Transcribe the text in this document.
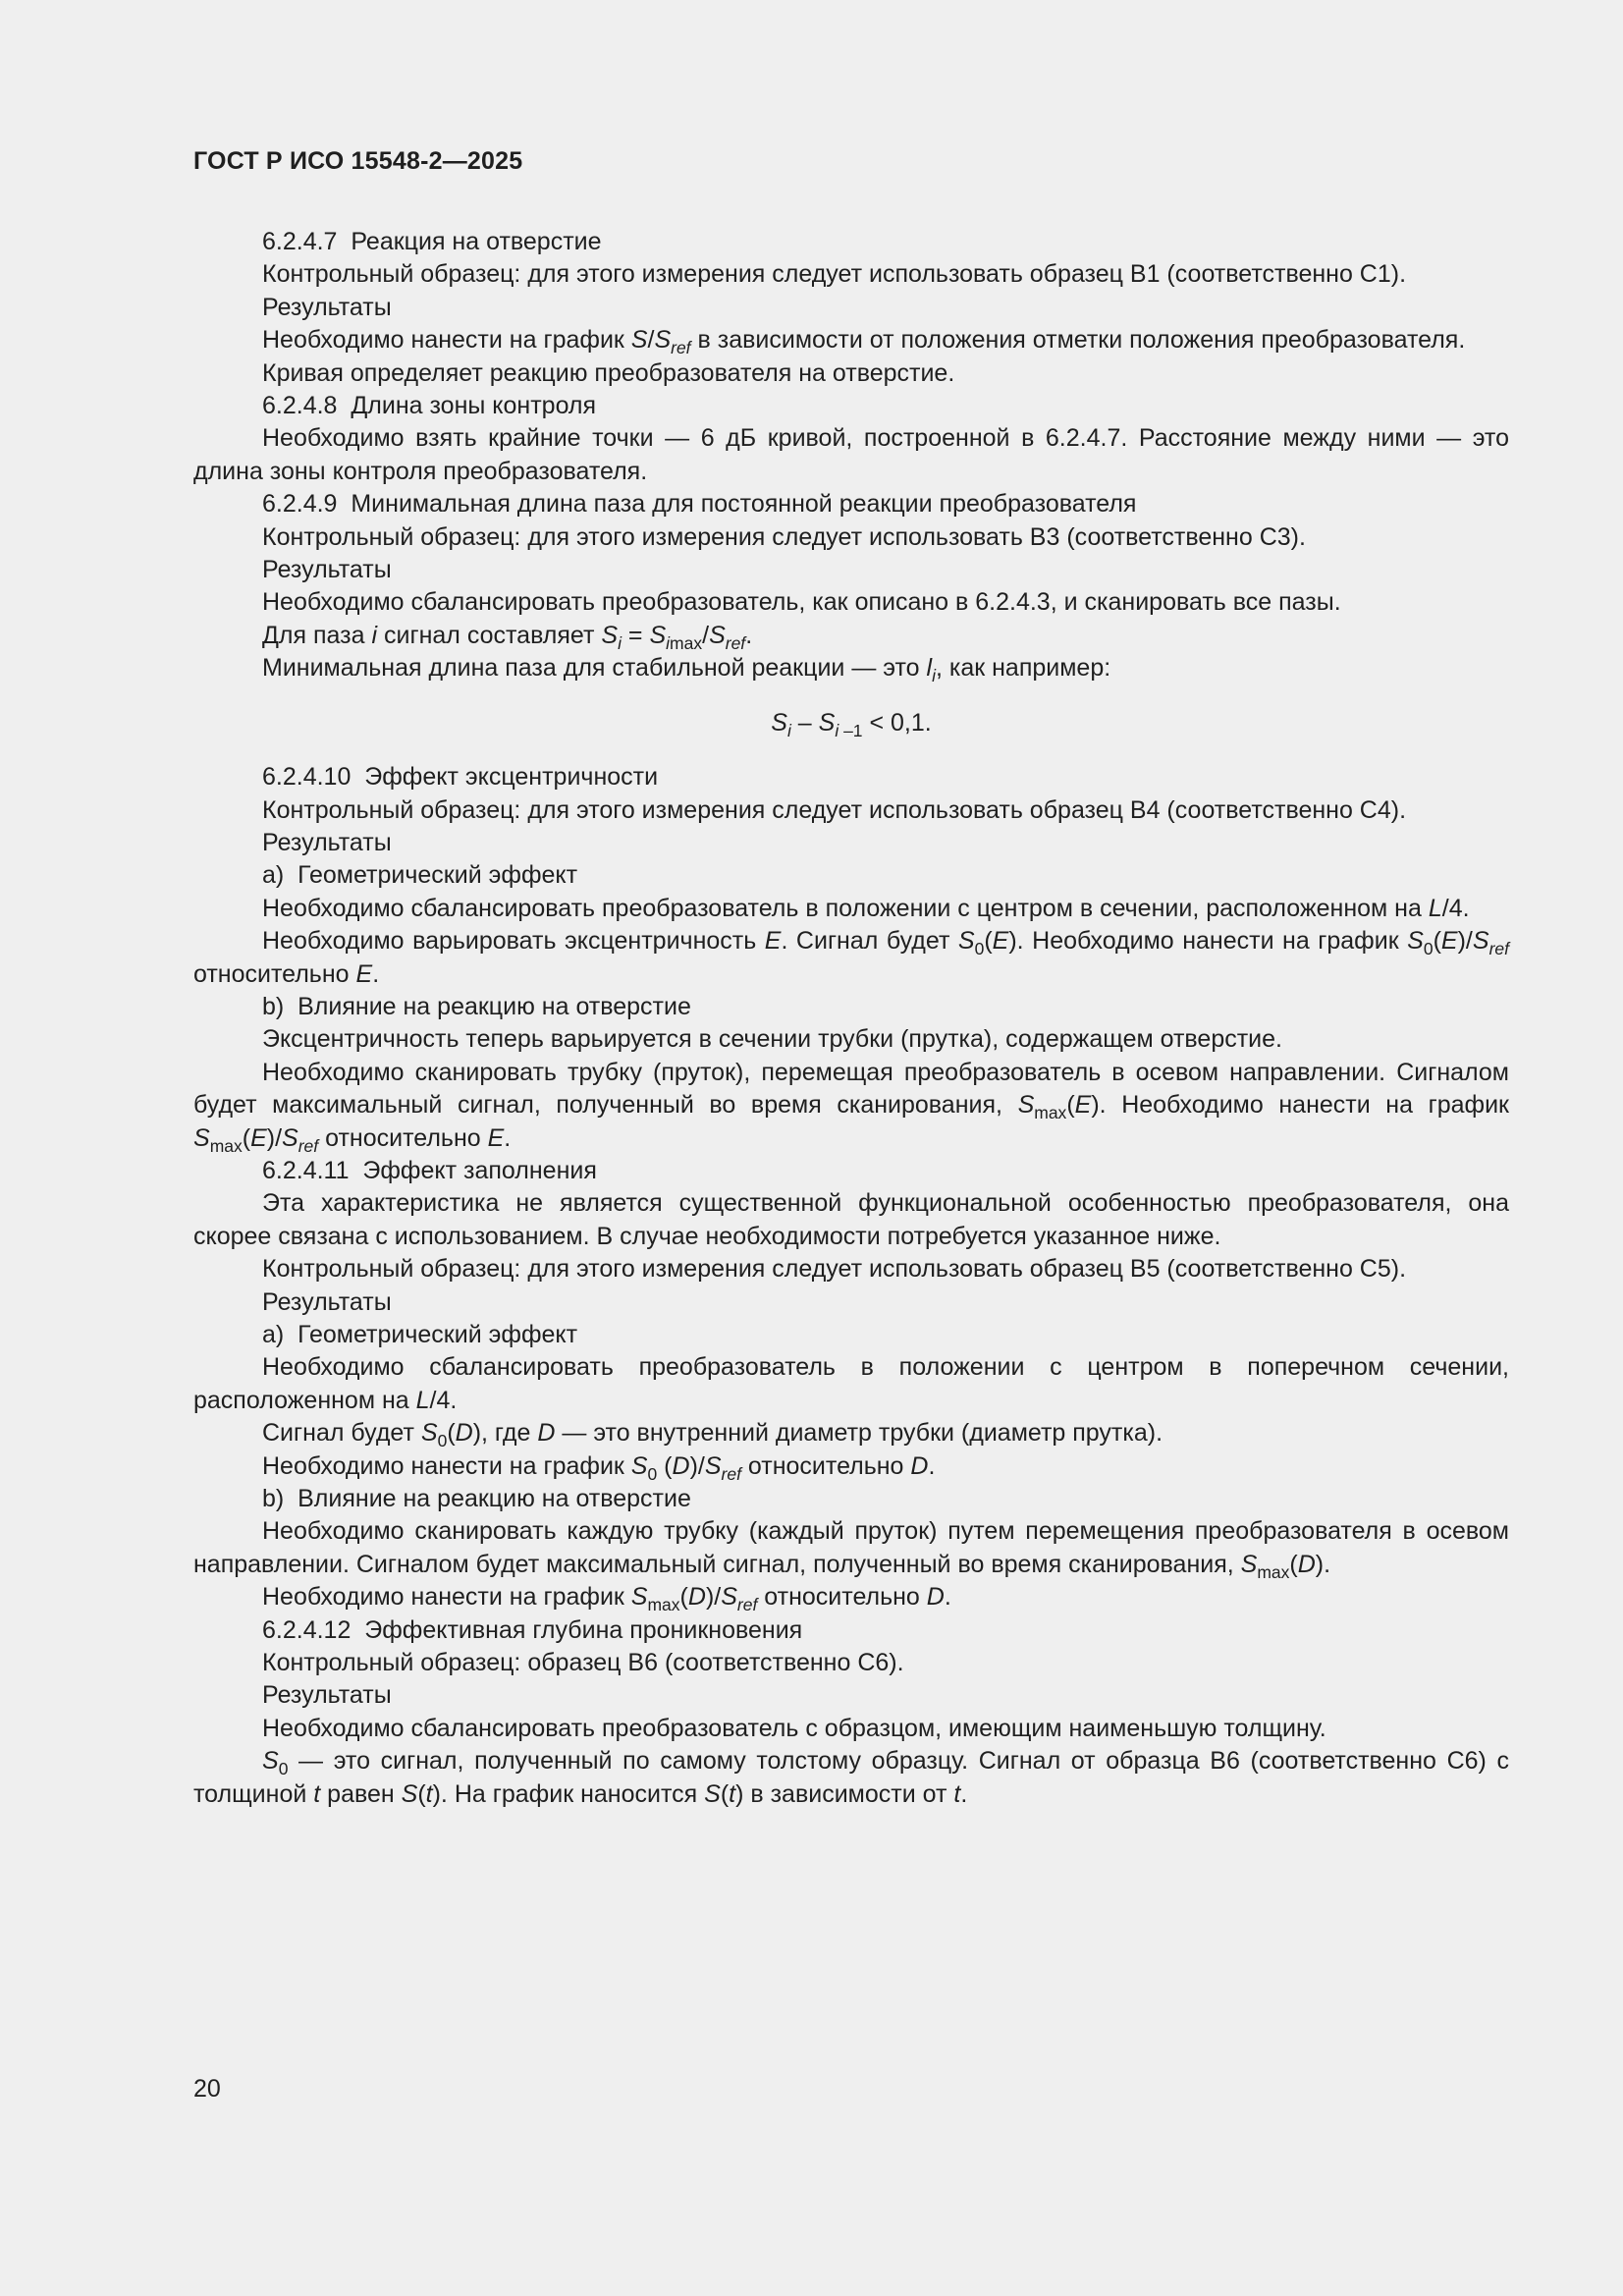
ГОСТ Р ИСО 15548-2—2025

6.2.4.7  Реакция на отверстие

Контрольный образец: для этого измерения следует использовать образец В1 (соответственно С1).

Результаты

Необходимо нанести на график $S/S_{ref}$ в зависимости от положения отметки положения преобразователя.

Кривая определяет реакцию преобразователя на отверстие.

6.2.4.8  Длина зоны контроля

Необходимо взять крайние точки — 6 дБ кривой, построенной в 6.2.4.7. Расстояние между ними — это длина зоны контроля преобразователя.

6.2.4.9  Минимальная длина паза для постоянной реакции преобразователя

Контрольный образец: для этого измерения следует использовать В3 (соответственно С3).

Результаты

Необходимо сбалансировать преобразователь, как описано в 6.2.4.3, и сканировать все пазы.

Для паза i сигнал составляет $S_i = S_{imax}/S_{ref}$.

Минимальная длина паза для стабильной реакции — это $l_i$, как например:

$S_i - S_{i -1} < 0,1$.

6.2.4.10  Эффект эксцентричности

Контрольный образец: для этого измерения следует использовать образец В4 (соответственно С4).

Результаты

a)  Геометрический эффект

Необходимо сбалансировать преобразователь в положении с центром в сечении, расположенном на L/4.

Необходимо варьировать эксцентричность E. Сигнал будет $S_0(E)$. Необходимо нанести на график $S_0(E)/S_{ref}$ относительно E.

b)  Влияние на реакцию на отверстие

Эксцентричность теперь варьируется в сечении трубки (прутка), содержащем отверстие.

Необходимо сканировать трубку (пруток), перемещая преобразователь в осевом направлении. Сигналом будет максимальный сигнал, полученный во время сканирования, $S_{max}(E)$. Необходимо нанести на график $S_{max}(E)/S_{ref}$ относительно E.

6.2.4.11  Эффект заполнения

Эта характеристика не является существенной функциональной особенностью преобразователя, она скорее связана с использованием. В случае необходимости потребуется указанное ниже.

Контрольный образец: для этого измерения следует использовать образец В5 (соответственно С5).

Результаты

a)  Геометрический эффект

Необходимо сбалансировать преобразователь в положении с центром в поперечном сечении, расположенном на L/4.

Сигнал будет $S_0(D)$, где D — это внутренний диаметр трубки (диаметр прутка).

Необходимо нанести на график $S_0$ $(D)/S_{ref}$ относительно D.

b)  Влияние на реакцию на отверстие

Необходимо сканировать каждую трубку (каждый пруток) путем перемещения преобразователя в осевом направлении. Сигналом будет максимальный сигнал, полученный во время сканирования, $S_{max}(D)$.

Необходимо нанести на график $S_{max}(D)/S_{ref}$ относительно D.

6.2.4.12  Эффективная глубина проникновения

Контрольный образец: образец В6 (соответственно С6).

Результаты

Необходимо сбалансировать преобразователь с образцом, имеющим наименьшую толщину.

$S_0$ — это сигнал, полученный по самому толстому образцу. Сигнал от образца В6 (соответственно С6) с толщиной t равен S(t). На график наносится S(t) в зависимости от t.

20
